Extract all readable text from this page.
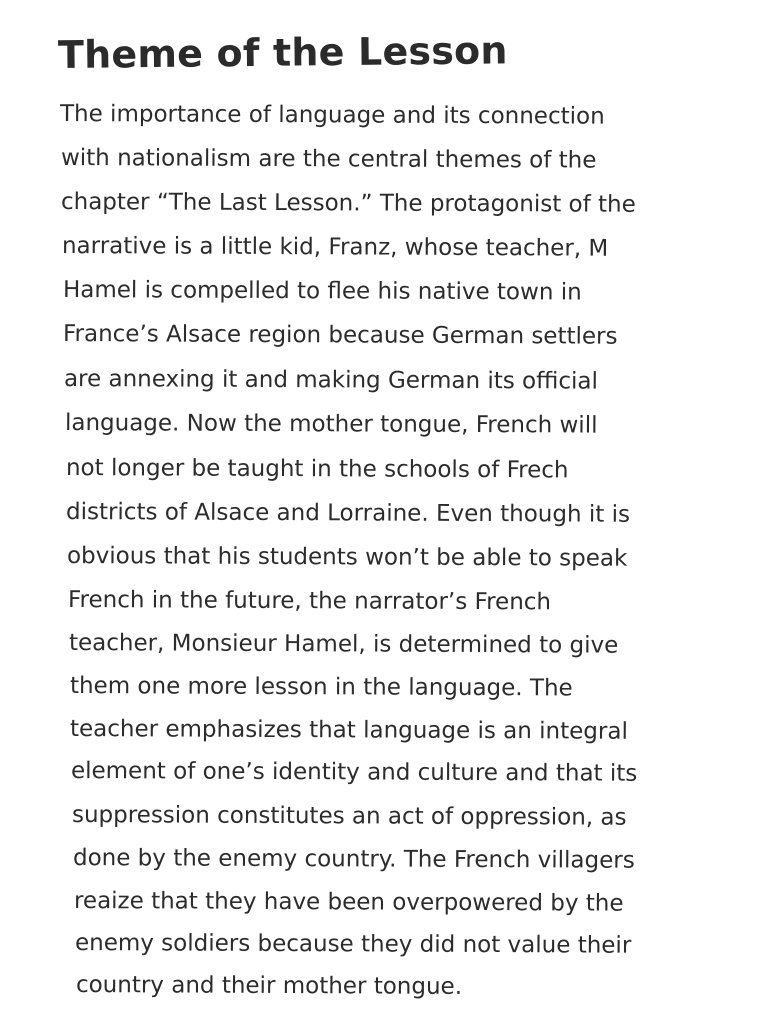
Theme of the Lesson

The importance of language and its connection

with nationalism are the central themes of the

chapter “The Last Lesson.” The protagonist of the

narrative is a little kid, Franz, whose teacher, M

Hamel is compelled to flee his native town in

France’s Alsace region because German settlers

are annexing it and making German its official

language. Now the mother tongue, French will

not longer be taught in the schools of Frech

districts of Alsace and Lorraine. Even though it is

obvious that his students won’t be able to speak

French in the future, the narrator’s French

teacher, Monsieur Hamel, is determined to give

them one more lesson in the language. The

teacher emphasizes that language is an integral

element of one’s identity and culture and that its

suppression constitutes an act of oppression, as

done by the enemy country. The French villagers

reaize that they have been overpowered by the

enemy soldiers because they did not value their

country and their mother tongue.
